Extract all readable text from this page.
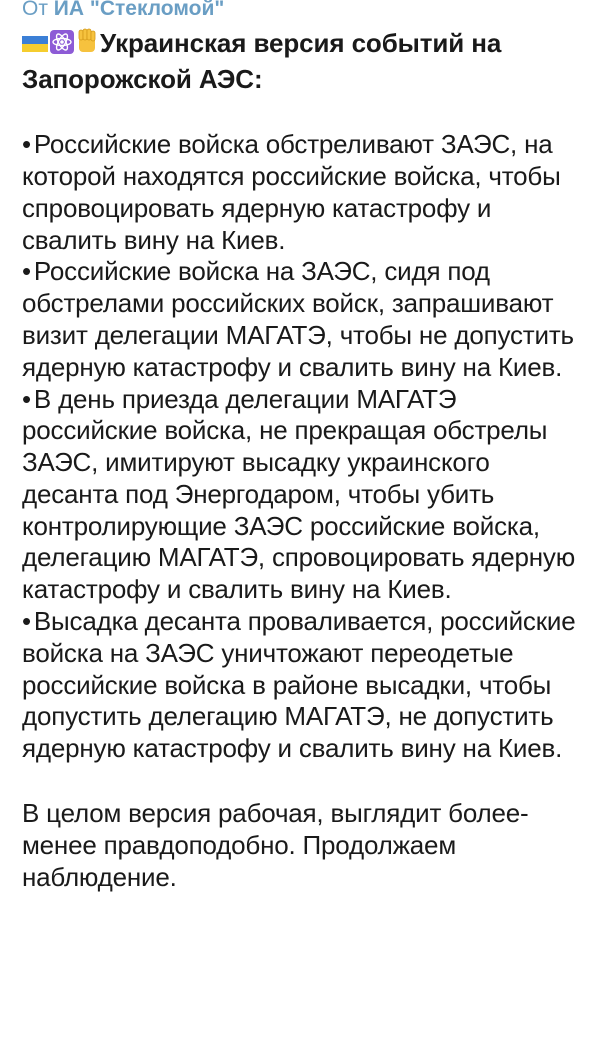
От ИА "Стекломой"
Украинская версия событий на Запорожской АЭС:

• Российские войска обстреливают ЗАЭС, на которой находятся российские войска, чтобы спровоцировать ядерную катастрофу и свалить вину на Киев.

• Российские войска на ЗАЭС, сидя под обстрелами российских войск, запрашивают визит делегации МАГАТЭ, чтобы не допустить ядерную катастрофу и свалить вину на Киев.

• В день приезда делегации МАГАТЭ российские войска, не прекращая обстрелы ЗАЭС, имитируют высадку украинского десанта под Энергодаром, чтобы убить контролирующие ЗАЭС российские войска, делегацию МАГАТЭ, спровоцировать ядерную катастрофу и свалить вину на Киев.

• Высадка десанта проваливается, российские войска на ЗАЭС уничтожают переодетые российские войска в районе высадки, чтобы допустить делегацию МАГАТЭ, не допустить ядерную катастрофу и свалить вину на Киев.

В целом версия рабочая, выглядит более-менее правдоподобно. Продолжаем наблюдение.
